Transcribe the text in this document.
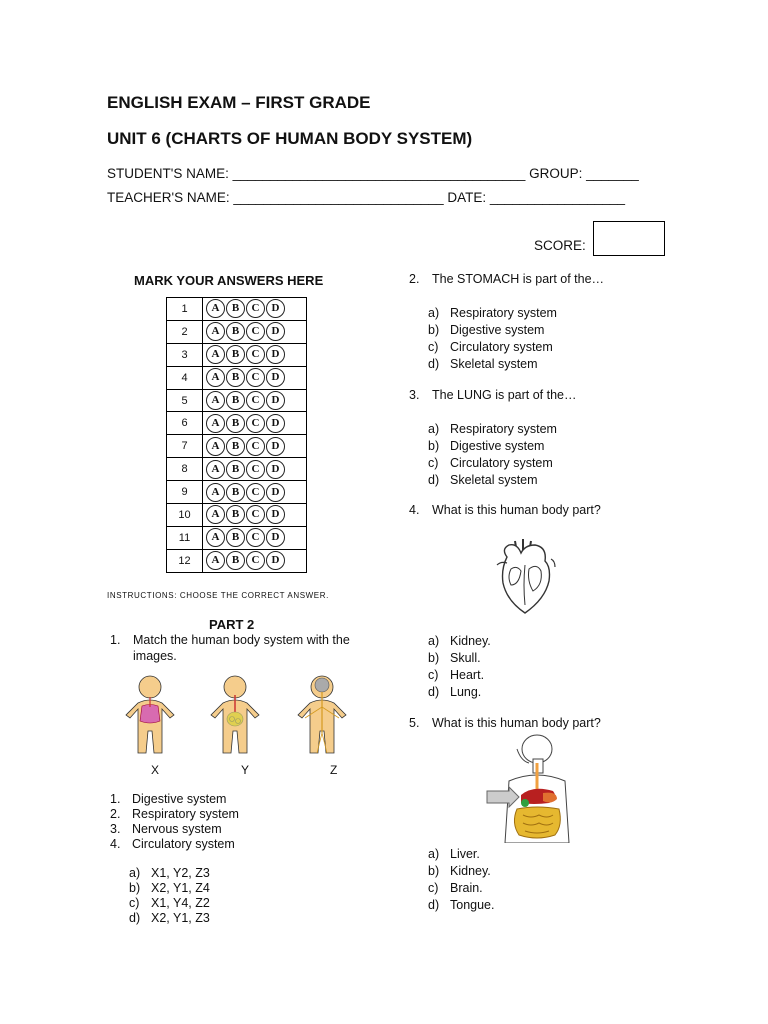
ENGLISH EXAM – FIRST GRADE
UNIT 6 (CHARTS OF HUMAN BODY SYSTEM)
STUDENT'S NAME: _______________________________________ GROUP: _______
TEACHER'S NAME: ____________________________ DATE: __________________
SCORE:
MARK YOUR ANSWERS HERE
1	A B C D
2	A B C D
3	A B C D
4	A B C D
5	A B C D
6	A B C D
7	A B C D
8	A B C D
9	A B C D
10	A B C D
11	A B C D
12	A B C D
INSTRUCTIONS: CHOOSE THE CORRECT ANSWER.
PART 2
1. Match the human body system with the
images.
X	Y	Z
1. Digestive system
2. Respiratory system
3. Nervous system
4. Circulatory system
a) X1, Y2, Z3
b) X2, Y1, Z4
c) X1, Y4, Z2
d) X2, Y1, Z3
2. The STOMACH is part of the…
a) Respiratory system
b) Digestive system
c) Circulatory system
d) Skeletal system
3. The LUNG is part of the…
a) Respiratory system
b) Digestive system
c) Circulatory system
d) Skeletal system
4. What is this human body part?
a) Kidney.
b) Skull.
c) Heart.
d) Lung.
5. What is this human body part?
a) Liver.
b) Kidney.
c) Brain.
d) Tongue.
